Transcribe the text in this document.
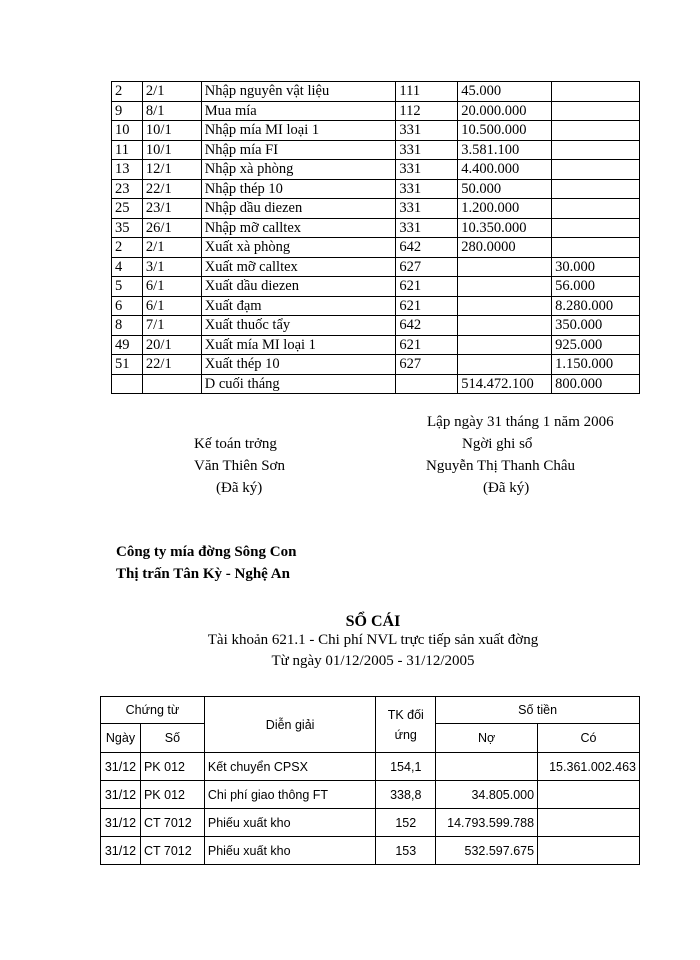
2	2/1	Nhập nguyên vật liệu	111	45.000	
9	8/1	Mua mía	112	20.000.000	
10	10/1	Nhập mía MI loại 1	331	10.500.000	
11	10/1	Nhập mía FI	331	3.581.100	
13	12/1	Nhập xà phòng	331	4.400.000	
23	22/1	Nhập thép 10	331	50.000	
25	23/1	Nhập dầu diezen	331	1.200.000	
35	26/1	Nhập mỡ calltex	331	10.350.000	
2	2/1	Xuất xà phòng	642	280.0000	
4	3/1	Xuất mỡ calltex	627		30.000
5	6/1	Xuất dầu diezen	621		56.000
6	6/1	Xuất đạm	621		8.280.000
8	7/1	Xuất thuốc tẩy	642		350.000
49	20/1	Xuất mía MI loại 1	621		925.000
51	22/1	Xuất thép 10	627		1.150.000
		D cuối tháng		514.472.100	800.000
Lập ngày 31 tháng 1 năm 2006
Kế toán trởng
Văn Thiên Sơn
(Đã ký)
Ngời ghi sổ
Nguyễn Thị Thanh Châu
(Đã ký)
Công ty mía đờng Sông Con
Thị trấn Tân Kỳ - Nghệ An
SỔ CÁI
Tài khoản 621.1 - Chi phí NVL trực tiếp sản xuất đờng
Từ ngày 01/12/2005 - 31/12/2005
Chứng từ		Diễn giải	TK đối ứng	Số tiền	
Ngày	Số			Nợ	Có
31/12	PK 012	Kết chuyển CPSX	154,1		15.361.002.463
31/12	PK 012	Chi phí giao thông FT	338,8	34.805.000	
31/12	CT 7012	Phiếu xuất kho	152	14.793.599.788	
31/12	CT 7012	Phiếu xuất kho	153	532.597.675	
